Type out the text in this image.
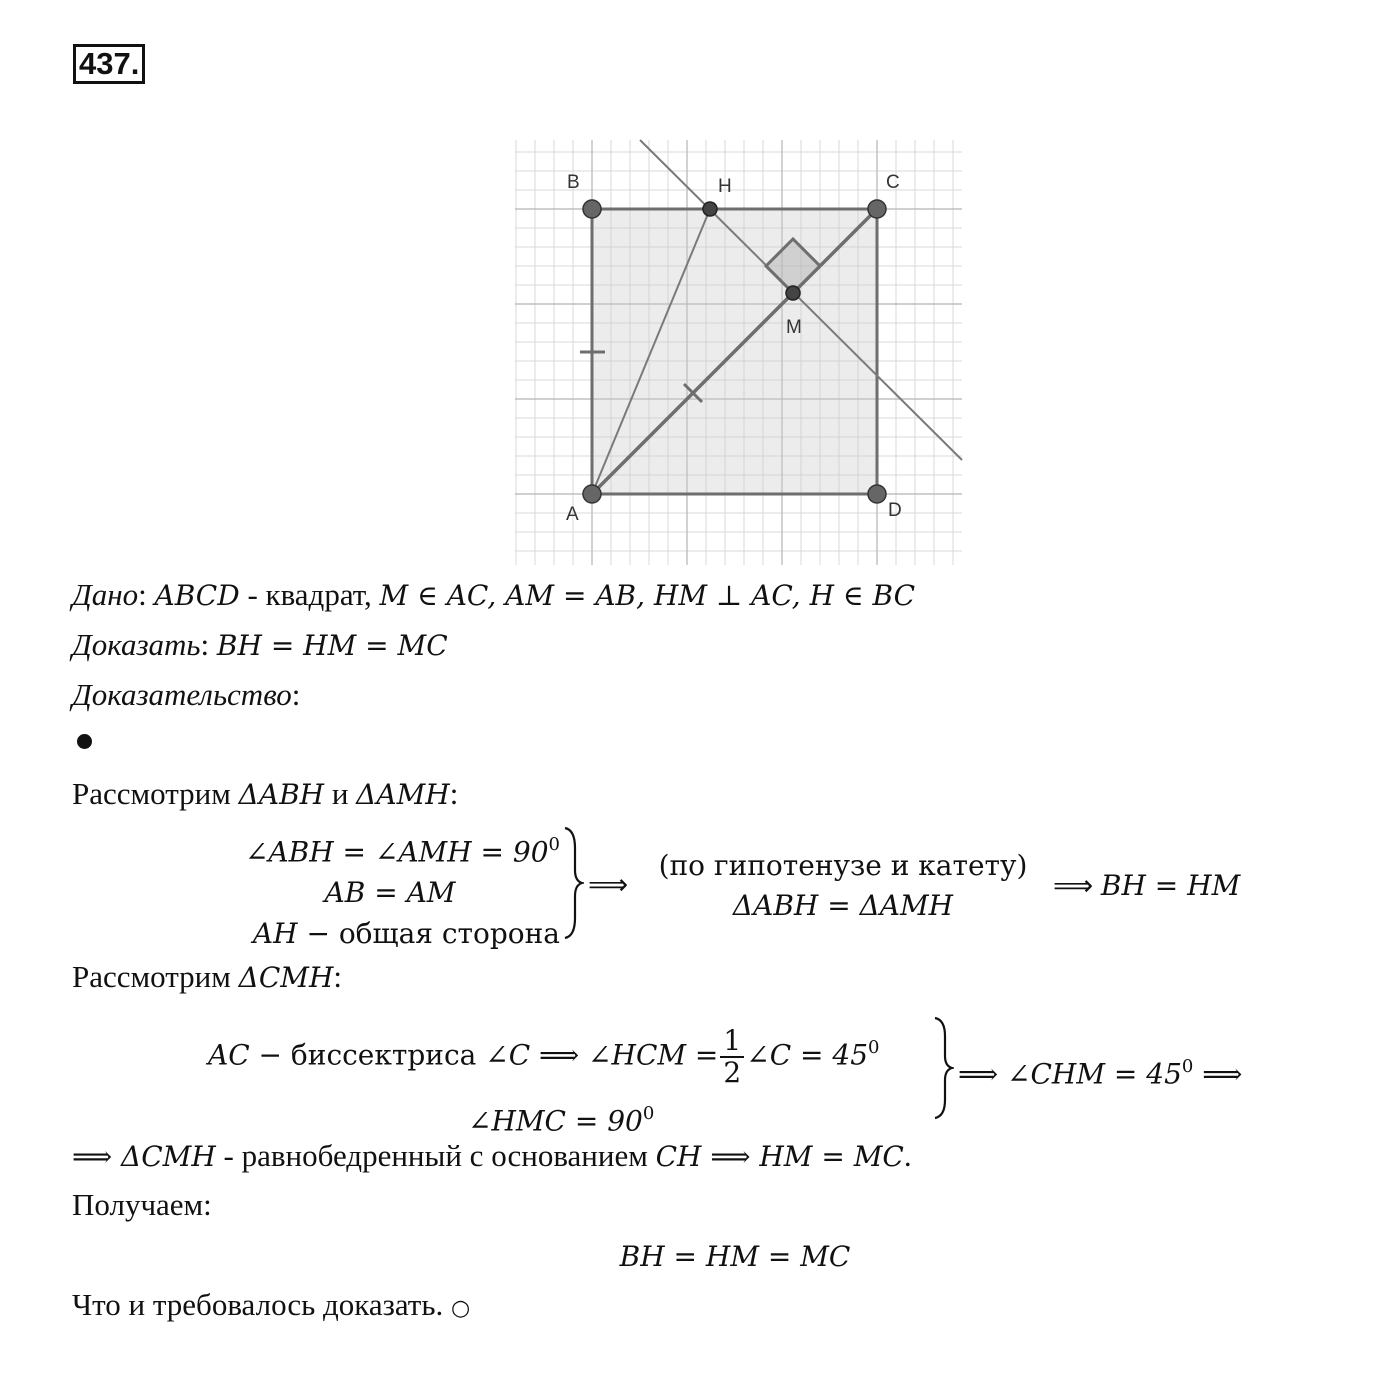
437.
A
B	C
D
H
M
Дано: ABCD - квадрат, M ∈ AC, AM = AB, HM ⊥ AC, H ∈ BC
Доказать: BH = HM = MC
Доказательство:
Рассмотрим ΔABH и ΔAMH:
∠ABH = ∠AMH = $90^0$
AB = AM
AH − общая сторона
⟹
(по гипотенузе и катету)
ΔABH = ΔAMH
⟹ BH = HM
Рассмотрим ΔCMH:
AC − биссектриса ∠C ⟹ ∠HCM = $\frac{1}{2}$ ∠C = $45^0$
∠HMC = $90^0$
⟹ ∠CHM = $45^0$ ⟹
⟹ ΔCMH - равнобедренный с основанием CH ⟹ HM = MC.
Получаем:
BH = HM = MC
Что и требовалось доказать. ○
